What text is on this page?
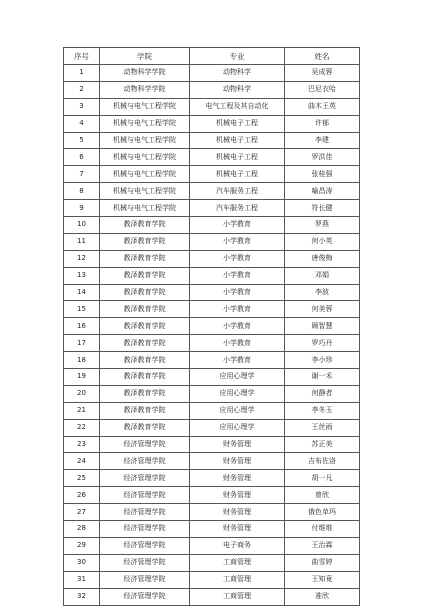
序号	学院	专业	姓名
1	动物科学学院	动物科学	吴成蓉
2	动物科学学院	动物科学	巴尼衣哈
3	机械与电气工程学院	电气工程及其自动化	曲木王英
4	机械与电气工程学院	机械电子工程	许郁
5	机械与电气工程学院	机械电子工程	李建
6	机械与电气工程学院	机械电子工程	罗洪佳
7	机械与电气工程学院	机械电子工程	张桂强
8	机械与电气工程学院	汽车服务工程	喻昌涛
9	机械与电气工程学院	汽车服务工程	符长健
10	教泽教育学院	小学教育	罗燕
11	教泽教育学院	小学教育	何小英
12	教泽教育学院	小学教育	唐俊梅
13	教泽教育学院	小学教育	邓娟
14	教泽教育学院	小学教育	李波
15	教泽教育学院	小学教育	何美蓉
16	教泽教育学院	小学教育	顾智慧
17	教泽教育学院	小学教育	罗巧丹
18	教泽教育学院	小学教育	李小珍
19	教泽教育学院	应用心理学	谢一禾
20	教泽教育学院	应用心理学	何静者
21	教泽教育学院	应用心理学	李冬玉
22	教泽教育学院	应用心理学	王丝雨
23	经济管理学院	财务管理	苏正美
24	经济管理学院	财务管理	吉布佐洛
25	经济管理学院	财务管理	胡一凡
26	经济管理学院	财务管理	曾欣
27	经济管理学院	财务管理	俄色单玛
28	经济管理学院	财务管理	付维维
29	经济管理学院	电子商务	王治霖
30	经济管理学院	工商管理	曲雪婷
31	经济管理学院	工商管理	王知竟
32	经济管理学院	工商管理	准欣
